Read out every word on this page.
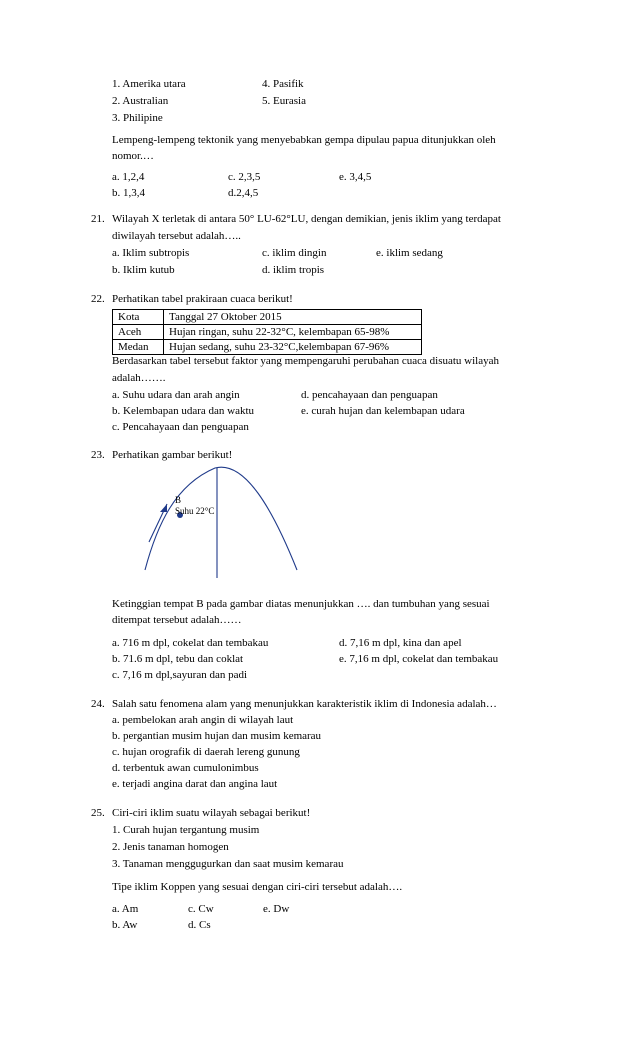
1. Amerika utara
2. Australian
3. Philipine
4. Pasifik
5. Eurasia
Lempeng-lempeng tektonik yang menyebabkan gempa dipulau papua ditunjukkan oleh
nomor.…
a. 1,2,4
b. 1,3,4
c. 2,3,5
d.2,4,5
e. 3,4,5
21. Wilayah X terletak di antara 50° LU-62°LU, dengan demikian, jenis iklim yang terdapat
diwilayah tersebut adalah…..
a. Iklim subtropis
b. Iklim kutub
c. iklim dingin
d. iklim tropis
e. iklim sedang
22. Perhatikan tabel prakiraan cuaca berikut!
Kota	Tanggal 27 Oktober 2015
Aceh	Hujan ringan, suhu 22-32°C, kelembapan 65-98%
Medan	Hujan sedang, suhu 23-32°C,kelembapan 67-96%
Berdasarkan tabel tersebut faktor yang mempengaruhi perubahan cuaca disuatu wilayah
adalah…….
a. Suhu udara dan arah angin
b. Kelembapan udara dan waktu
c. Pencahayaan dan penguapan
d. pencahayaan dan penguapan
e. curah hujan dan kelembapan udara
23. Perhatikan gambar berikut!
B
Suhu 22°C
Ketinggian tempat B pada gambar diatas menunjukkan …. dan tumbuhan yang sesuai
ditempat tersebut adalah……
a. 716 m dpl, cokelat dan tembakau
b. 71.6 m dpl, tebu dan coklat
c. 7,16 m dpl,sayuran dan padi
d. 7,16 m dpl, kina dan apel
e. 7,16 m dpl, cokelat dan tembakau
24. Salah satu fenomena alam yang menunjukkan karakteristik iklim di Indonesia adalah…
a. pembelokan arah angin di wilayah laut
b. pergantian musim hujan dan musim kemarau
c. hujan orografik di daerah lereng gunung
d. terbentuk awan cumulonimbus
e. terjadi angina darat dan angina laut
25. Ciri-ciri iklim suatu wilayah sebagai berikut!
1. Curah hujan tergantung musim
2. Jenis tanaman homogen
3. Tanaman menggugurkan dan saat musim kemarau
Tipe iklim Koppen yang sesuai dengan ciri-ciri tersebut adalah….
a. Am
b. Aw
c. Cw
d. Cs
e. Dw
